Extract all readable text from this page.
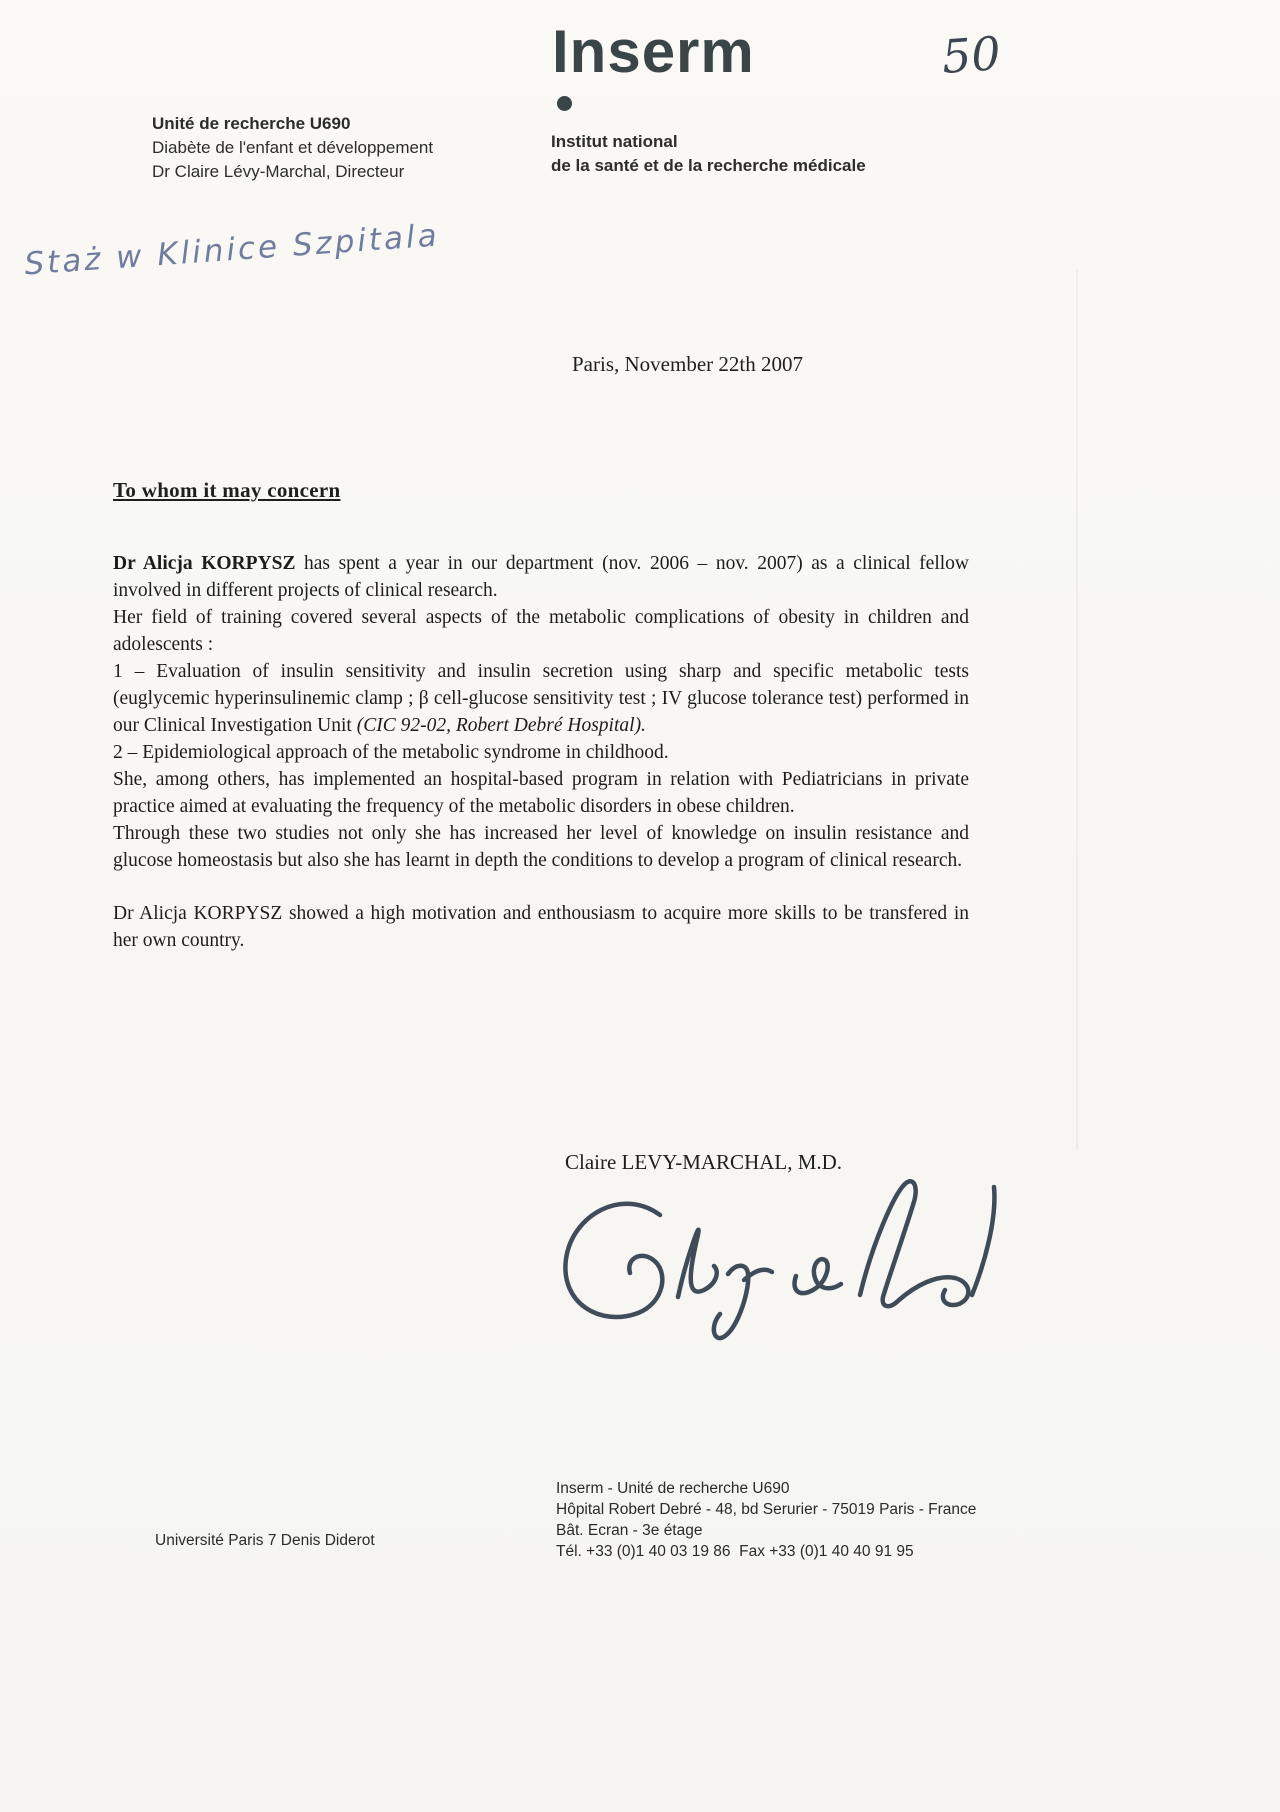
Inserm	50
Unité de recherche U690
Diabète de l'enfant et développement
Dr Claire Lévy-Marchal, Directeur
Institut national
de la santé et de la recherche médicale
Staż w Klinice Szpitala
Paris, November 22th 2007
To whom it may concern

Dr Alicja KORPYSZ has spent a year in our department (nov. 2006 – nov. 2007) as a clinical fellow involved in different projects of clinical research.

Her field of training covered several aspects of the metabolic complications of obesity in children and adolescents :

1 – Evaluation of insulin sensitivity and insulin secretion using sharp and specific metabolic tests (euglycemic hyperinsulinemic clamp ; β cell-glucose sensitivity test ; IV glucose tolerance test) performed in our Clinical Investigation Unit (CIC 92-02, Robert Debré Hospital).

2 – Epidemiological approach of the metabolic syndrome in childhood.

She, among others, has implemented an hospital-based program in relation with Pediatricians in private practice aimed at evaluating the frequency of the metabolic disorders in obese children.

Through these two studies not only she has increased her level of knowledge on insulin resistance and glucose homeostasis but also she has learnt in depth the conditions to develop a program of clinical research.

Dr Alicja KORPYSZ showed a high motivation and enthousiasm to acquire more skills to be transfered in her own country.

Claire LEVY-MARCHAL, M.D.
Inserm - Unité de recherche U690
Hôpital Robert Debré - 48, bd Serurier - 75019 Paris - France
Bât. Ecran - 3e étage
Tél. +33 (0)1 40 03 19 86  Fax +33 (0)1 40 40 91 95
Université Paris 7 Denis Diderot
